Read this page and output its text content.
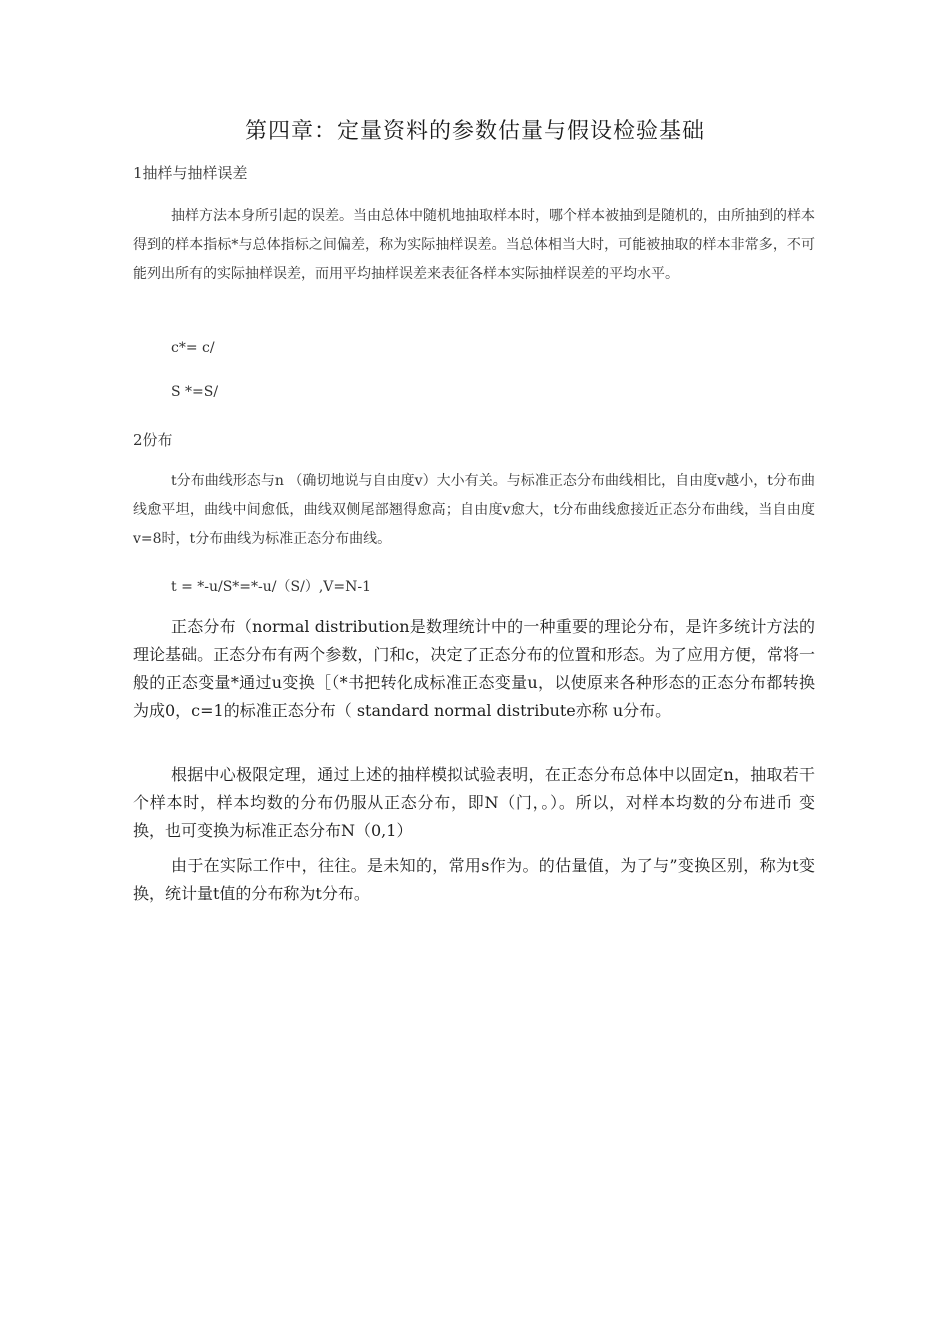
第四章：定量资料的参数估量与假设检验基础
1抽样与抽样误差
抽样方法本身所引起的误差。当由总体中随机地抽取样本时，哪个样本被抽到是随机的，由所抽到的样本得到的样本指标*与总体指标之间偏差，称为实际抽样误差。当总体相当大时，可能被抽取的样本非常多，不可能列出所有的实际抽样误差，而用平均抽样误差来表征各样本实际抽样误差的平均水平。
c*= c/
S *=S/
2份布
t分布曲线形态与n （确切地说与自由度v）大小有关。与标准正态分布曲线相比，自由度v越小，t分布曲线愈平坦，曲线中间愈低，曲线双侧尾部翘得愈高；自由度v愈大，t分布曲线愈接近正态分布曲线，当自由度v=8时，t分布曲线为标准正态分布曲线。
t = *-u/S*=*-u/（S/）,V=N-1
正态分布（normal distribution是数理统计中的一种重要的理论分布，是许多统计方法的理论基础。正态分布有两个参数，门和c，决定了正态分布的位置和形态。为了应用方便，常将一般的正态变量*通过u变换［（*书把转化成标准正态变量u，以使原来各种形态的正态分布都转换为成0，c=1的标准正态分布（ standard normal distribute亦称 u分布。
根据中心极限定理，通过上述的抽样模拟试验表明，在正态分布总体中以固定n，抽取若干个样本时，样本均数的分布仍服从正态分布，即N（门，。）。所以，对样本均数的分布进币 变换，也可变换为标准正态分布N（0,1）
由于在实际工作中，往往。是未知的，常用s作为。的估量值，为了与”变换区别，称为t变换，统计量t值的分布称为t分布。
